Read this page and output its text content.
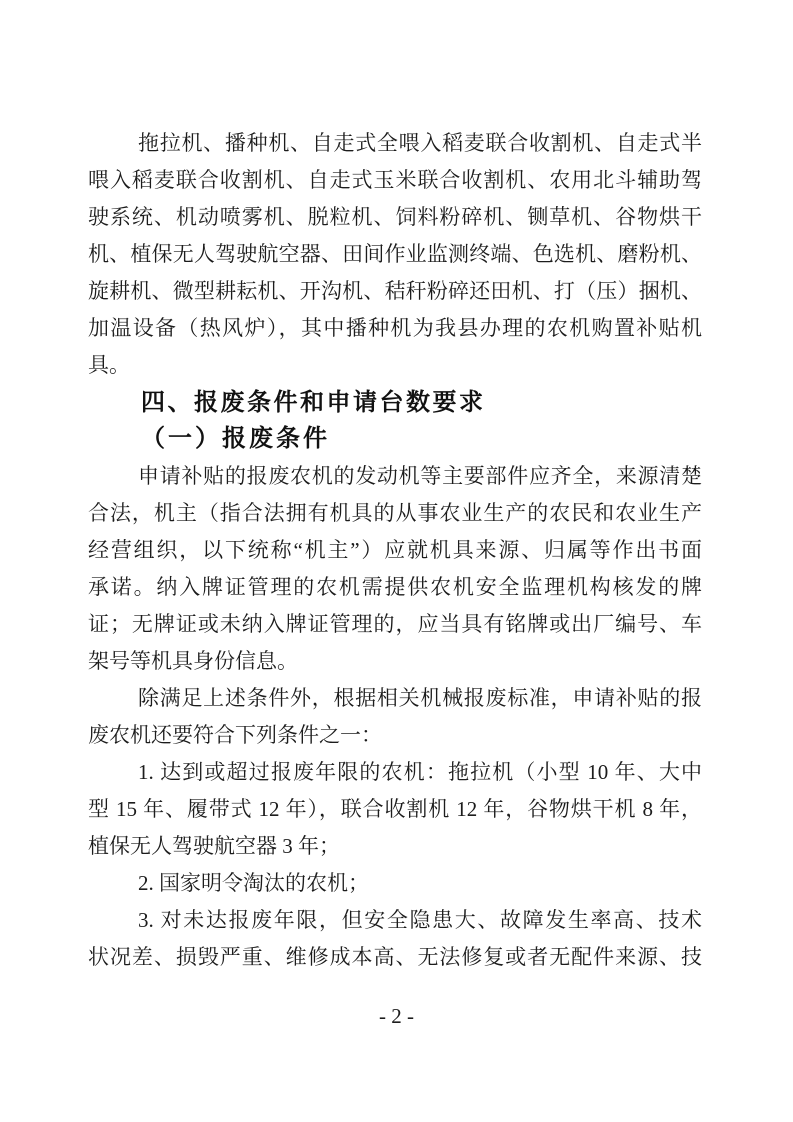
拖拉机、播种机、自走式全喂入稻麦联合收割机、自走式半
喂入稻麦联合收割机、自走式玉米联合收割机、农用北斗辅助驾
驶系统、机动喷雾机、脱粒机、饲料粉碎机、铡草机、谷物烘干
机、植保无人驾驶航空器、田间作业监测终端、色选机、磨粉机、
旋耕机、微型耕耘机、开沟机、秸秆粉碎还田机、打（压）捆机、
加温设备（热风炉），其中播种机为我县办理的农机购置补贴机
具。
四、报废条件和申请台数要求
（一）报废条件
申请补贴的报废农机的发动机等主要部件应齐全，来源清楚
合法，机主（指合法拥有机具的从事农业生产的农民和农业生产
经营组织，以下统称“机主”）应就机具来源、归属等作出书面
承诺。纳入牌证管理的农机需提供农机安全监理机构核发的牌
证；无牌证或未纳入牌证管理的，应当具有铭牌或出厂编号、车
架号等机具身份信息。
除满足上述条件外，根据相关机械报废标准，申请补贴的报
废农机还要符合下列条件之一：
1. 达到或超过报废年限的农机：拖拉机（小型 10 年、大中
型 15 年、履带式 12 年），联合收割机 12 年，谷物烘干机 8 年，
植保无人驾驶航空器 3 年；
2. 国家明令淘汰的农机；
3. 对未达报废年限，但安全隐患大、故障发生率高、技术
状况差、损毁严重、维修成本高、无法修复或者无配件来源、技
- 2 -
